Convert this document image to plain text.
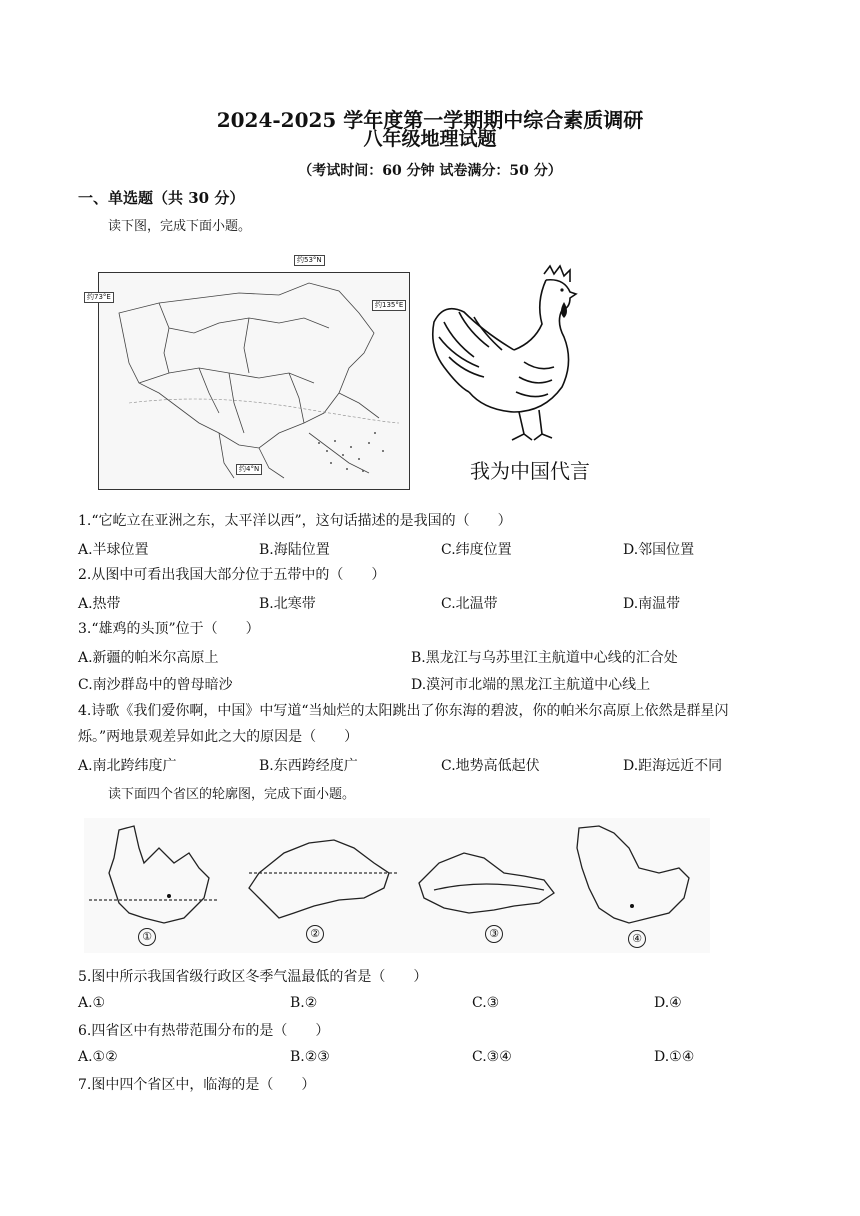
2024-2025 学年度第一学期期中综合素质调研
八年级地理试题
（考试时间：60 分钟 试卷满分：50 分）
一、单选题（共 30 分）
读下图，完成下面小题。
约53°N
约73°E
约135°E
约4°N	我为中国代言
1.“它屹立在亚洲之东，太平洋以西”，这句话描述的是我国的（　　）
A.半球位置	B.海陆位置	C.纬度位置	D.邻国位置
2.从图中可看出我国大部分位于五带中的（　　）
A.热带	B.北寒带	C.北温带	D.南温带
3.“雄鸡的头顶”位于（　　）
A.新疆的帕米尔高原上	B.黑龙江与乌苏里江主航道中心线的汇合处
C.南沙群岛中的曾母暗沙	D.漠河市北端的黑龙江主航道中心线上
4.诗歌《我们爱你啊，中国》中写道“当灿烂的太阳跳出了你东海的碧波，你的帕米尔高原上依然是群星闪
烁。”两地景观差异如此之大的原因是（　　）
A.南北跨纬度广	B.东西跨经度广	C.地势高低起伏	D.距海远近不同
读下面四个省区的轮廓图，完成下面小题。
①	②	③	④
5.图中所示我国省级行政区冬季气温最低的省是（　　）
A.①	B.②	C.③	D.④
6.四省区中有热带范围分布的是（　　）
A.①②	B.②③	C.③④	D.①④
7.图中四个省区中，临海的是（　　）
